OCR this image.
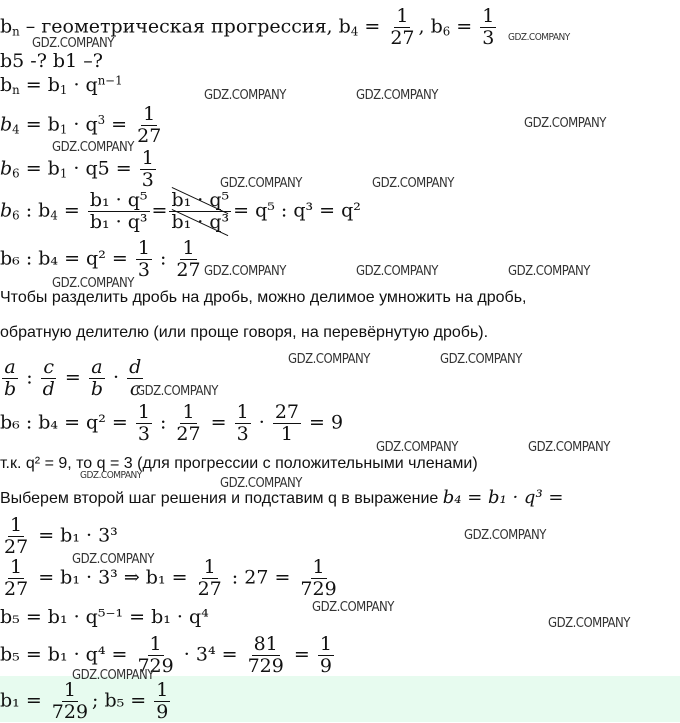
$b_n$ – геометрическая прогрессия, $b_4 = \frac{1}{27}$ , $b_6 = \frac{1}{3}$
b5 -? b1 –?
$b_n = b_1 \cdot q^{n-1}$
$b_4 = b_1 \cdot q^3 = \frac{1}{27}$
$b_6 = b_1 \cdot q5 = \frac{1}{3}$
$b_6$ : $b_4 = \frac{\text{b₁ · q⁵}}{\text{b₁ · q³}} = \frac{\text{b₁ · q⁵}}{\text{b₁ · q³}} = q^5$ : q³ = q²
b₆ : $b_4 = q^2 = \frac{1}{3}$ : $\frac{1}{27}$
Чтобы разделить дробь на дробь, можно делимое умножить на дробь,
обратную делителю (или проще говоря, на перевёрнутую дробь).
$\frac{a}{b}$ : $\frac{c}{d} = \frac{a}{b} \cdot \frac{d}{c}$
b₆ : $b_4 = q^2 = \frac{1}{3}$ : $\frac{1}{27} = \frac{1}{3} \cdot \frac{27}{1} = 9$
т.к. q² = 9, то q = 3 (для прогрессии с положительными членами)
Выберем второй шаг решения и подставим q в выражение b₄ = b₁ · q³ =
$\frac{1}{27} = b_1 \cdot 3^3$
$\frac{1}{27} = b_1 \cdot 3^3$ ⇒ $b_1 = \frac{1}{27}$ : $27 = \frac{1}{729}$
b₅ = b₁ · q⁵⁻¹ = b₁ · q⁴
$b_5 = b_1 \cdot q^4 = \frac{1}{729} \cdot 3^4 = \frac{81}{729} = \frac{1}{9}$
$b_1 = \frac{1}{729}$ ; $b_5 = \frac{1}{9}$
GDZ.COMPANY	GDZ.COMPANY
GDZ.COMPANY	GDZ.COMPANY
GDZ.COMPANY
GDZ.COMPANY
GDZ.COMPANY	GDZ.COMPANY
GDZ.COMPANY	GDZ.COMPANY	GDZ.COMPANY
GDZ.COMPANY
GDZ.COMPANY	GDZ.COMPANY
GDZ.COMPANY
GDZ.COMPANY	GDZ.COMPANY
GDZ.COMPANY
GDZ.COMPANY
GDZ.COMPANY
GDZ.COMPANY
GDZ.COMPANY
GDZ.COMPANY
GDZ.COMPANY
